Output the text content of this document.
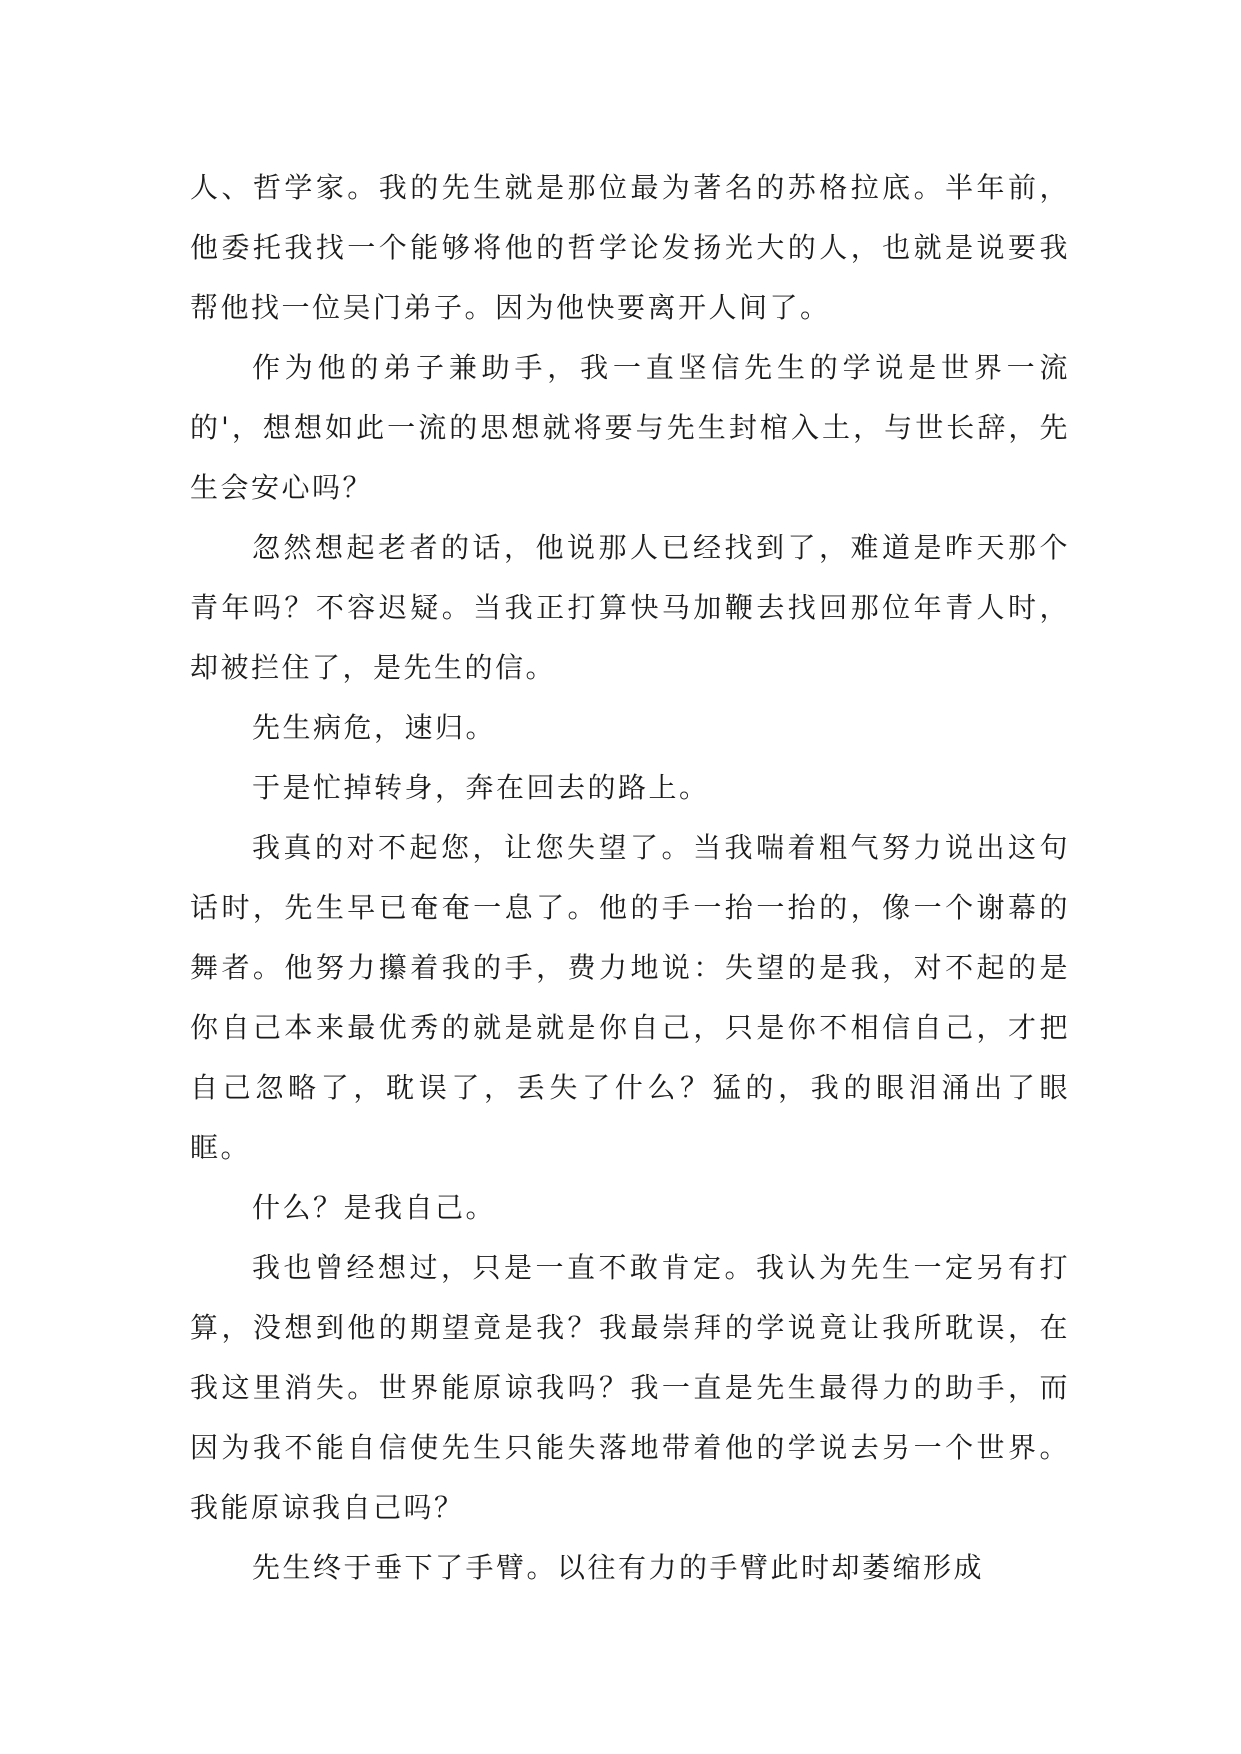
人、哲学家。我的先生就是那位最为著名的苏格拉底。半年前，他委托我找一个能够将他的哲学论发扬光大的人，也就是说要我帮他找一位吴门弟子。因为他快要离开人间了。

作为他的弟子兼助手，我一直坚信先生的学说是世界一流的'，想想如此一流的思想就将要与先生封棺入土，与世长辞，先生会安心吗？

忽然想起老者的话，他说那人已经找到了，难道是昨天那个青年吗？不容迟疑。当我正打算快马加鞭去找回那位年青人时，却被拦住了，是先生的信。

先生病危，速归。

于是忙掉转身，奔在回去的路上。

我真的对不起您，让您失望了。当我喘着粗气努力说出这句话时，先生早已奄奄一息了。他的手一抬一抬的，像一个谢幕的舞者。他努力攥着我的手，费力地说：失望的是我，对不起的是你自己本来最优秀的就是就是你自己，只是你不相信自己，才把自己忽略了，耽误了，丢失了什么？猛的，我的眼泪涌出了眼眶。

什么？是我自己。

我也曾经想过，只是一直不敢肯定。我认为先生一定另有打算，没想到他的期望竟是我？我最崇拜的学说竟让我所耽误，在我这里消失。世界能原谅我吗？我一直是先生最得力的助手，而因为我不能自信使先生只能失落地带着他的学说去另一个世界。我能原谅我自己吗？

先生终于垂下了手臂。以往有力的手臂此时却萎缩形成
